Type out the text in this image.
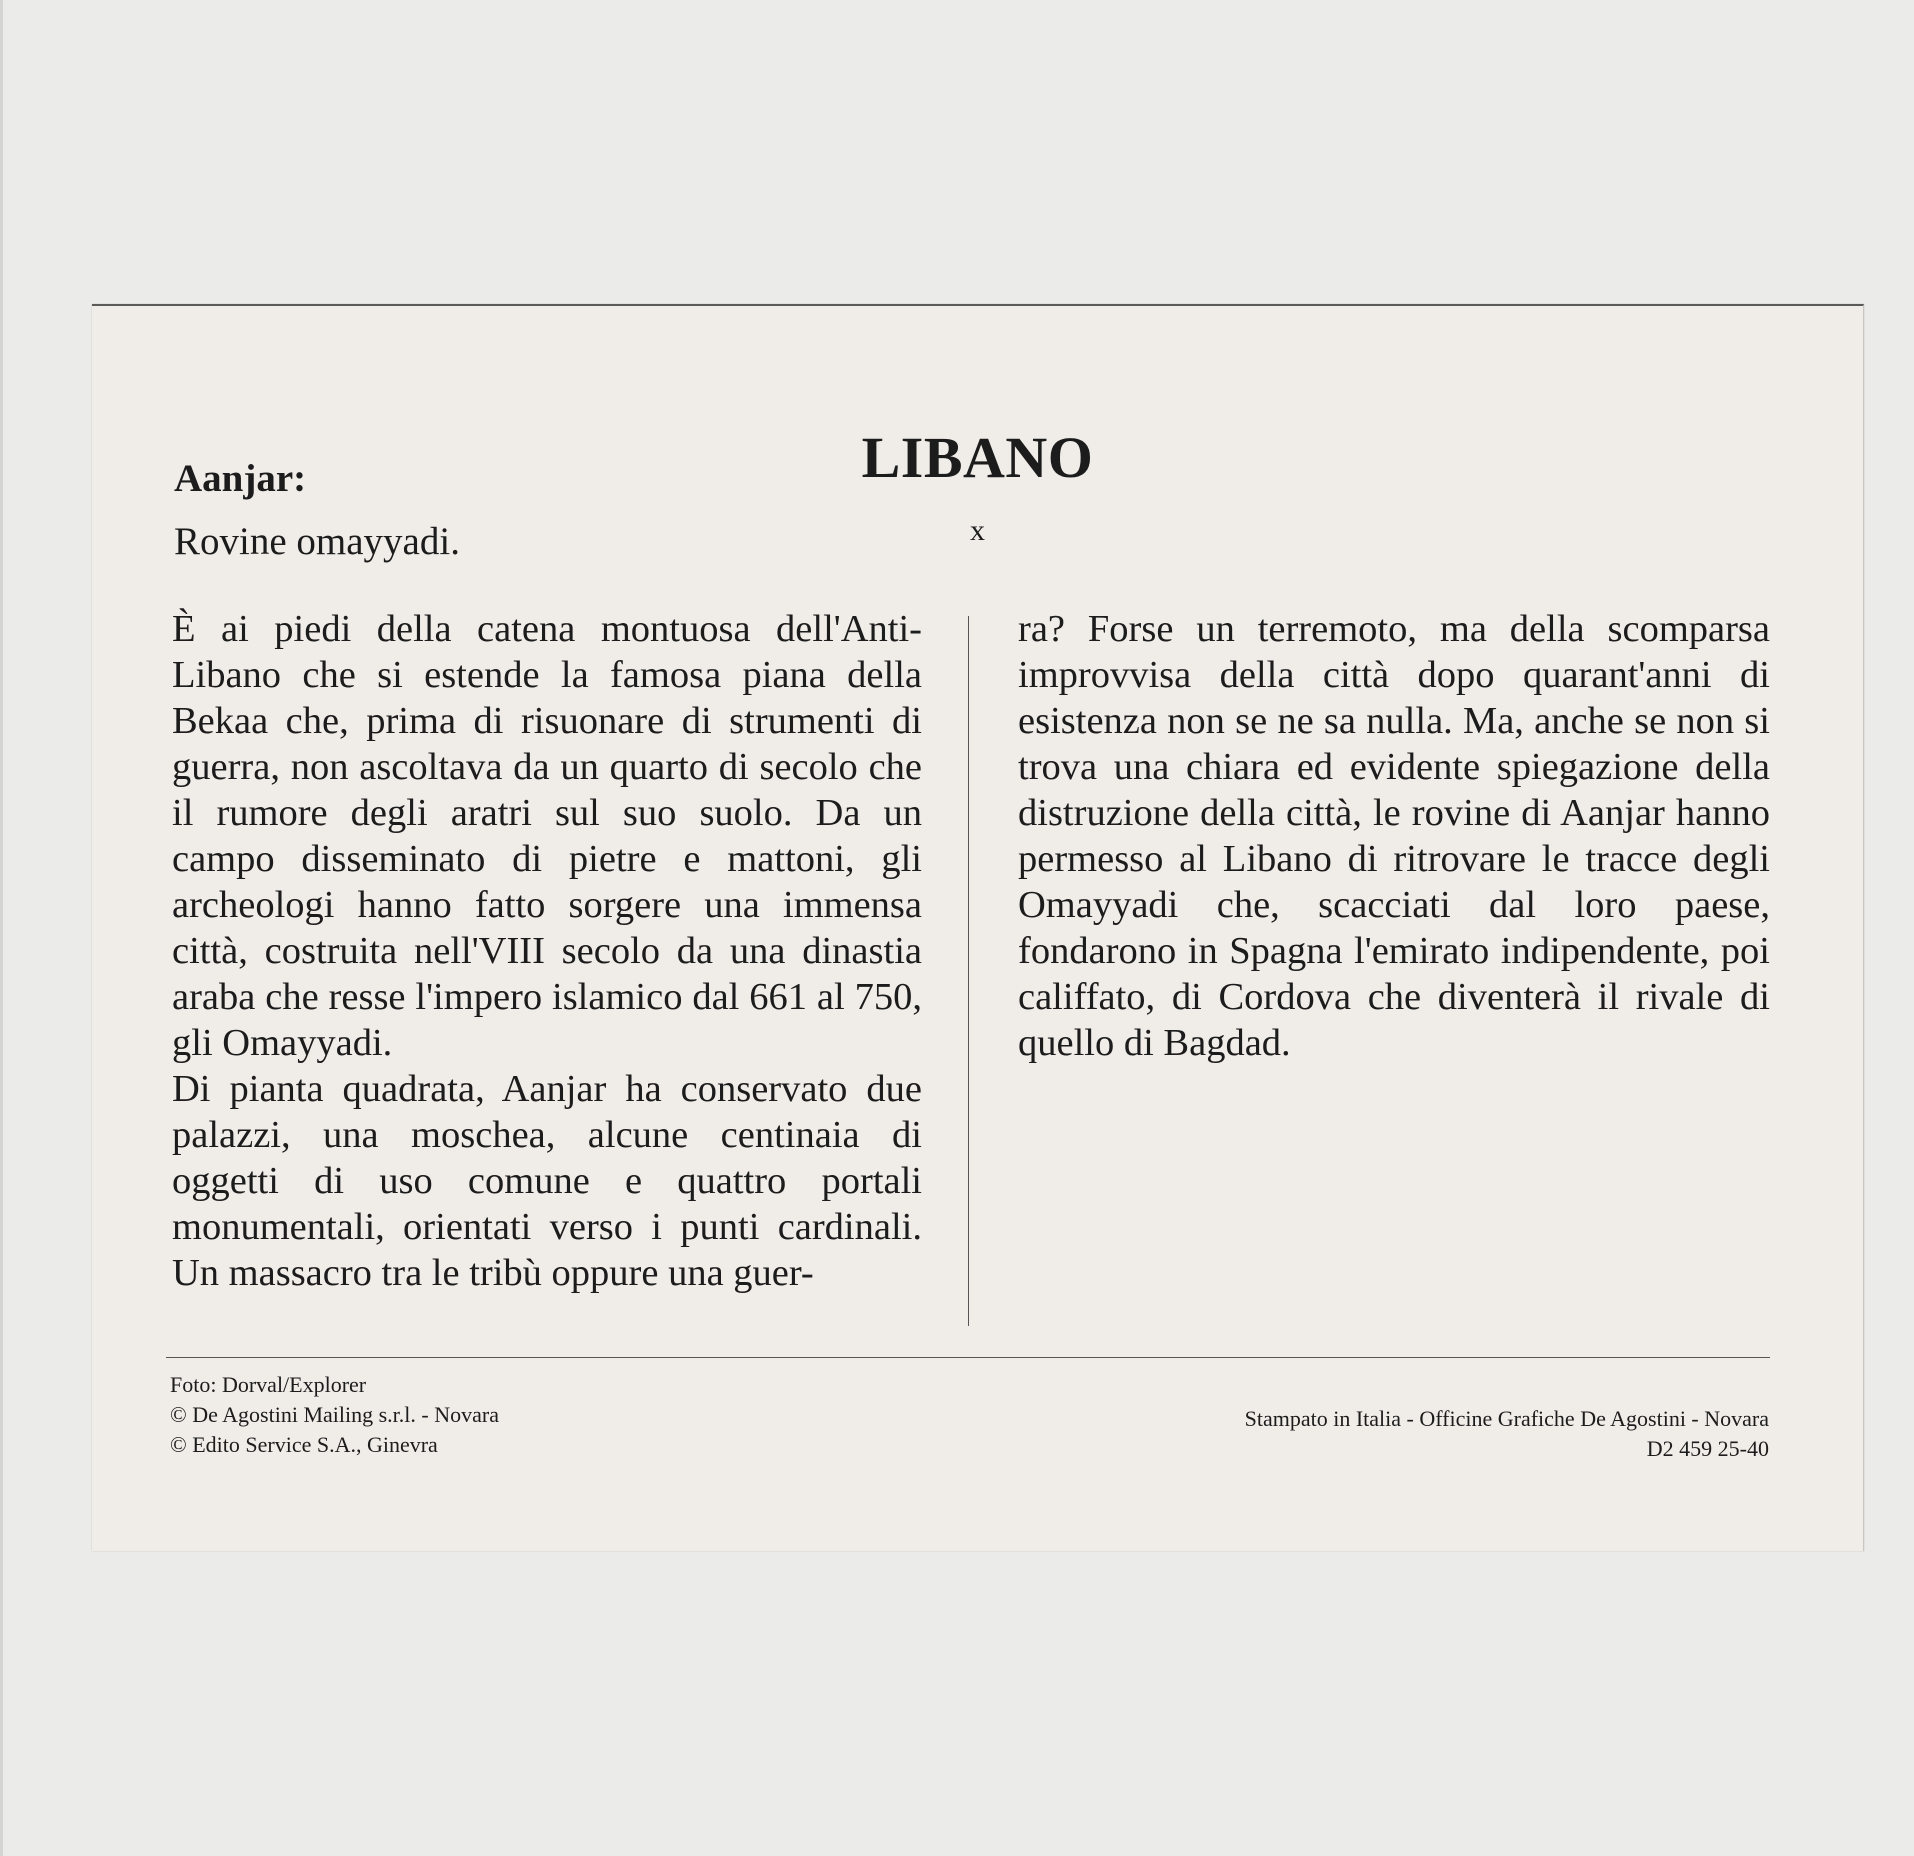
LIBANO
x
Aanjar:
Rovine omayyadi.

È ai piedi della catena montuosa dell'Anti-Libano che si estende la famosa piana della Bekaa che, prima di risuonare di strumenti di guerra, non ascoltava da un quarto di secolo che il rumore degli aratri sul suo suolo. Da un campo disseminato di pietre e mattoni, gli archeologi hanno fatto sorgere una immensa città, costruita nell'VIII secolo da una dinastia araba che resse l'impero islamico dal 661 al 750, gli Omayyadi.

Di pianta quadrata, Aanjar ha conservato due palazzi, una moschea, alcune centinaia di oggetti di uso comune e quattro portali monumentali, orientati verso i punti cardinali. Un massacro tra le tribù oppure una guer-

ra? Forse un terremoto, ma della scomparsa improvvisa della città dopo quarant'anni di esistenza non se ne sa nulla. Ma, anche se non si trova una chiara ed evidente spiegazione della distruzione della città, le rovine di Aanjar hanno permesso al Libano di ritrovare le tracce degli Omayyadi che, scacciati dal loro paese, fondarono in Spagna l'emirato indipendente, poi califfato, di Cordova che diventerà il rivale di quello di Bagdad.

Foto: Dorval/Explorer
© De Agostini Mailing s.r.l. - Novara
© Edito Service S.A., Ginevra
Stampato in Italia - Officine Grafiche De Agostini - Novara
D2 459 25-40
